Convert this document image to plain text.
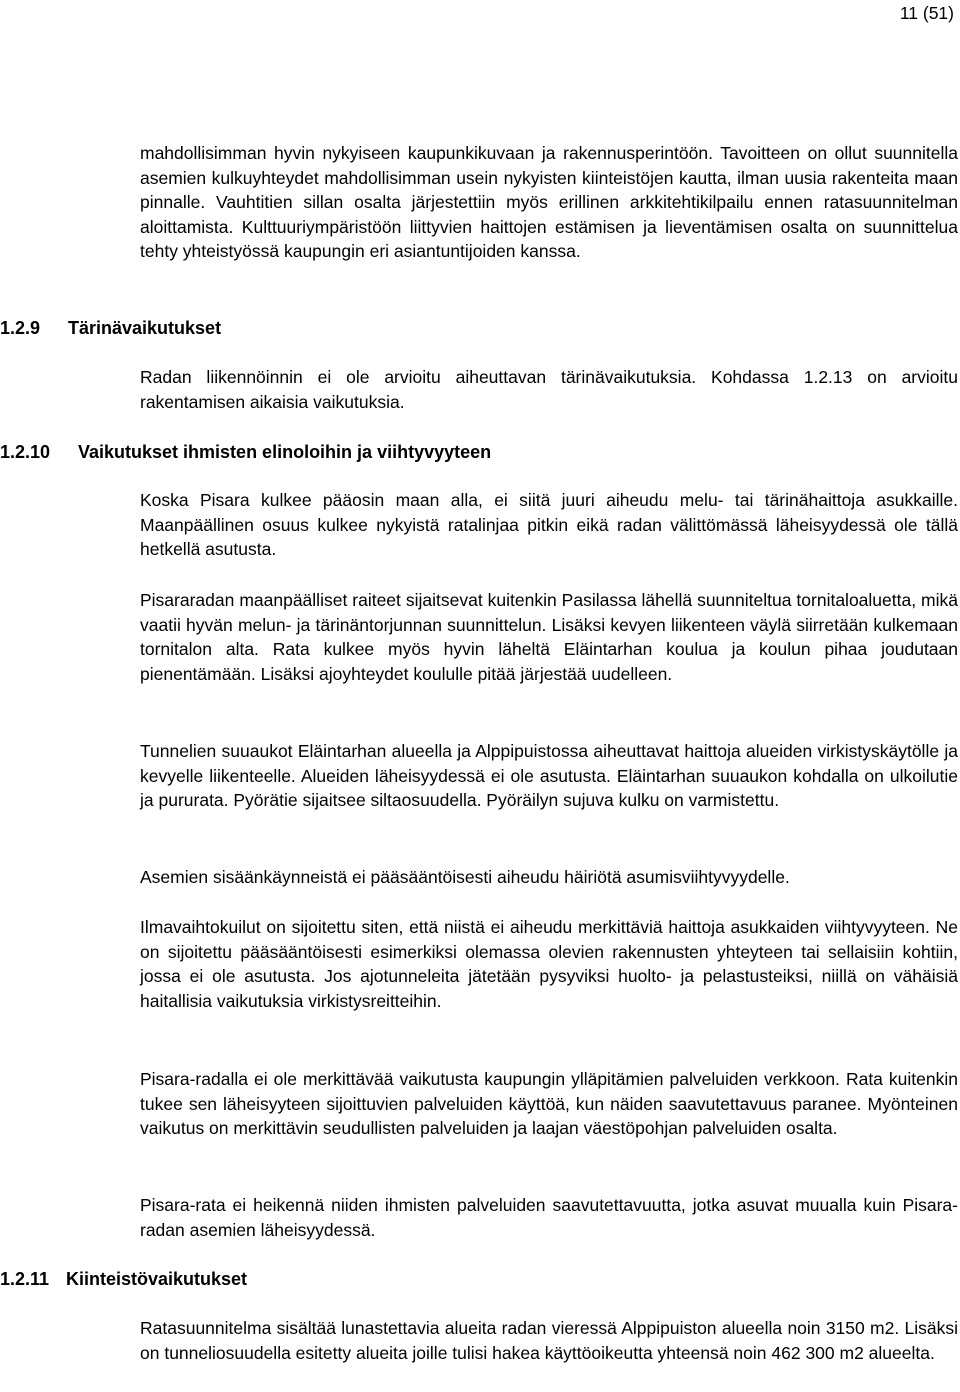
11 (51)

mahdollisimman hyvin nykyiseen kaupunkikuvaan ja rakennusperintöön. Tavoitteen on ollut suunnitella asemien kulkuyhteydet mahdollisimman usein nykyisten kiinteistöjen kautta, ilman uusia rakenteita maan pinnalle. Vauhtitien sillan osalta järjestettiin myös erillinen arkkitehtikilpailu ennen ratasuunnitelman aloittamista. Kulttuuriympäristöön liittyvien haittojen estämisen ja lieventämisen osalta on suunnittelua tehty yhteistyössä kaupungin eri asiantuntijoiden kanssa.

1.2.9 Tärinävaikutukset

Radan liikennöinnin ei ole arvioitu aiheuttavan tärinävaikutuksia. Kohdassa 1.2.13 on arvioitu rakentamisen aikaisia vaikutuksia.

1.2.10 Vaikutukset ihmisten elinoloihin ja viihtyvyyteen

Koska Pisara kulkee pääosin maan alla, ei siitä juuri aiheudu melu- tai tärinähaittoja asukkaille. Maanpäällinen osuus kulkee nykyistä ratalinjaa pitkin eikä radan välittömässä läheisyydessä ole tällä hetkellä asutusta.

Pisararadan maanpäälliset raiteet sijaitsevat kuitenkin Pasilassa lähellä suunniteltua tornitaloaluetta, mikä vaatii hyvän melun- ja tärinäntorjunnan suunnittelun. Lisäksi kevyen liikenteen väylä siirretään kulkemaan tornitalon alta. Rata kulkee myös hyvin läheltä Eläintarhan koulua ja koulun pihaa joudutaan pienentämään. Lisäksi ajoyhteydet koululle pitää järjestää uudelleen.

Tunnelien suuaukot Eläintarhan alueella ja Alppipuistossa aiheuttavat haittoja alueiden virkistyskäytölle ja kevyelle liikenteelle. Alueiden läheisyydessä ei ole asutusta. Eläintarhan suuaukon kohdalla on ulkoilutie ja pururata. Pyörätie sijaitsee siltaosuudella. Pyöräilyn sujuva kulku on varmistettu.

Asemien sisäänkäynneistä ei pääsääntöisesti aiheudu häiriötä asumisviihtyvyydelle.

Ilmavaihtokuilut on sijoitettu siten, että niistä ei aiheudu merkittäviä haittoja asukkaiden viihtyvyyteen. Ne on sijoitettu pääsääntöisesti esimerkiksi olemassa olevien rakennusten yhteyteen tai sellaisiin kohtiin, jossa ei ole asutusta. Jos ajotunneleita jätetään pysyviksi huolto- ja pelastusteiksi, niillä on vähäisiä haitallisia vaikutuksia virkistysreitteihin.

Pisara-radalla ei ole merkittävää vaikutusta kaupungin ylläpitämien palveluiden verkkoon. Rata kuitenkin tukee sen läheisyyteen sijoittuvien palveluiden käyttöä, kun näiden saavutettavuus paranee. Myönteinen vaikutus on merkittävin seudullisten palveluiden ja laajan väestöpohjan palveluiden osalta.

Pisara-rata ei heikennä niiden ihmisten palveluiden saavutettavuutta, jotka asuvat muualla kuin Pisara-radan asemien läheisyydessä.

1.2.11 Kiinteistövaikutukset

Ratasuunnitelma sisältää lunastettavia alueita radan vieressä Alppipuiston alueella noin 3150 m2. Lisäksi on tunneliosuudella esitetty alueita joille tulisi hakea käyttöoikeutta yhteensä noin 462 300 m2 alueelta.
